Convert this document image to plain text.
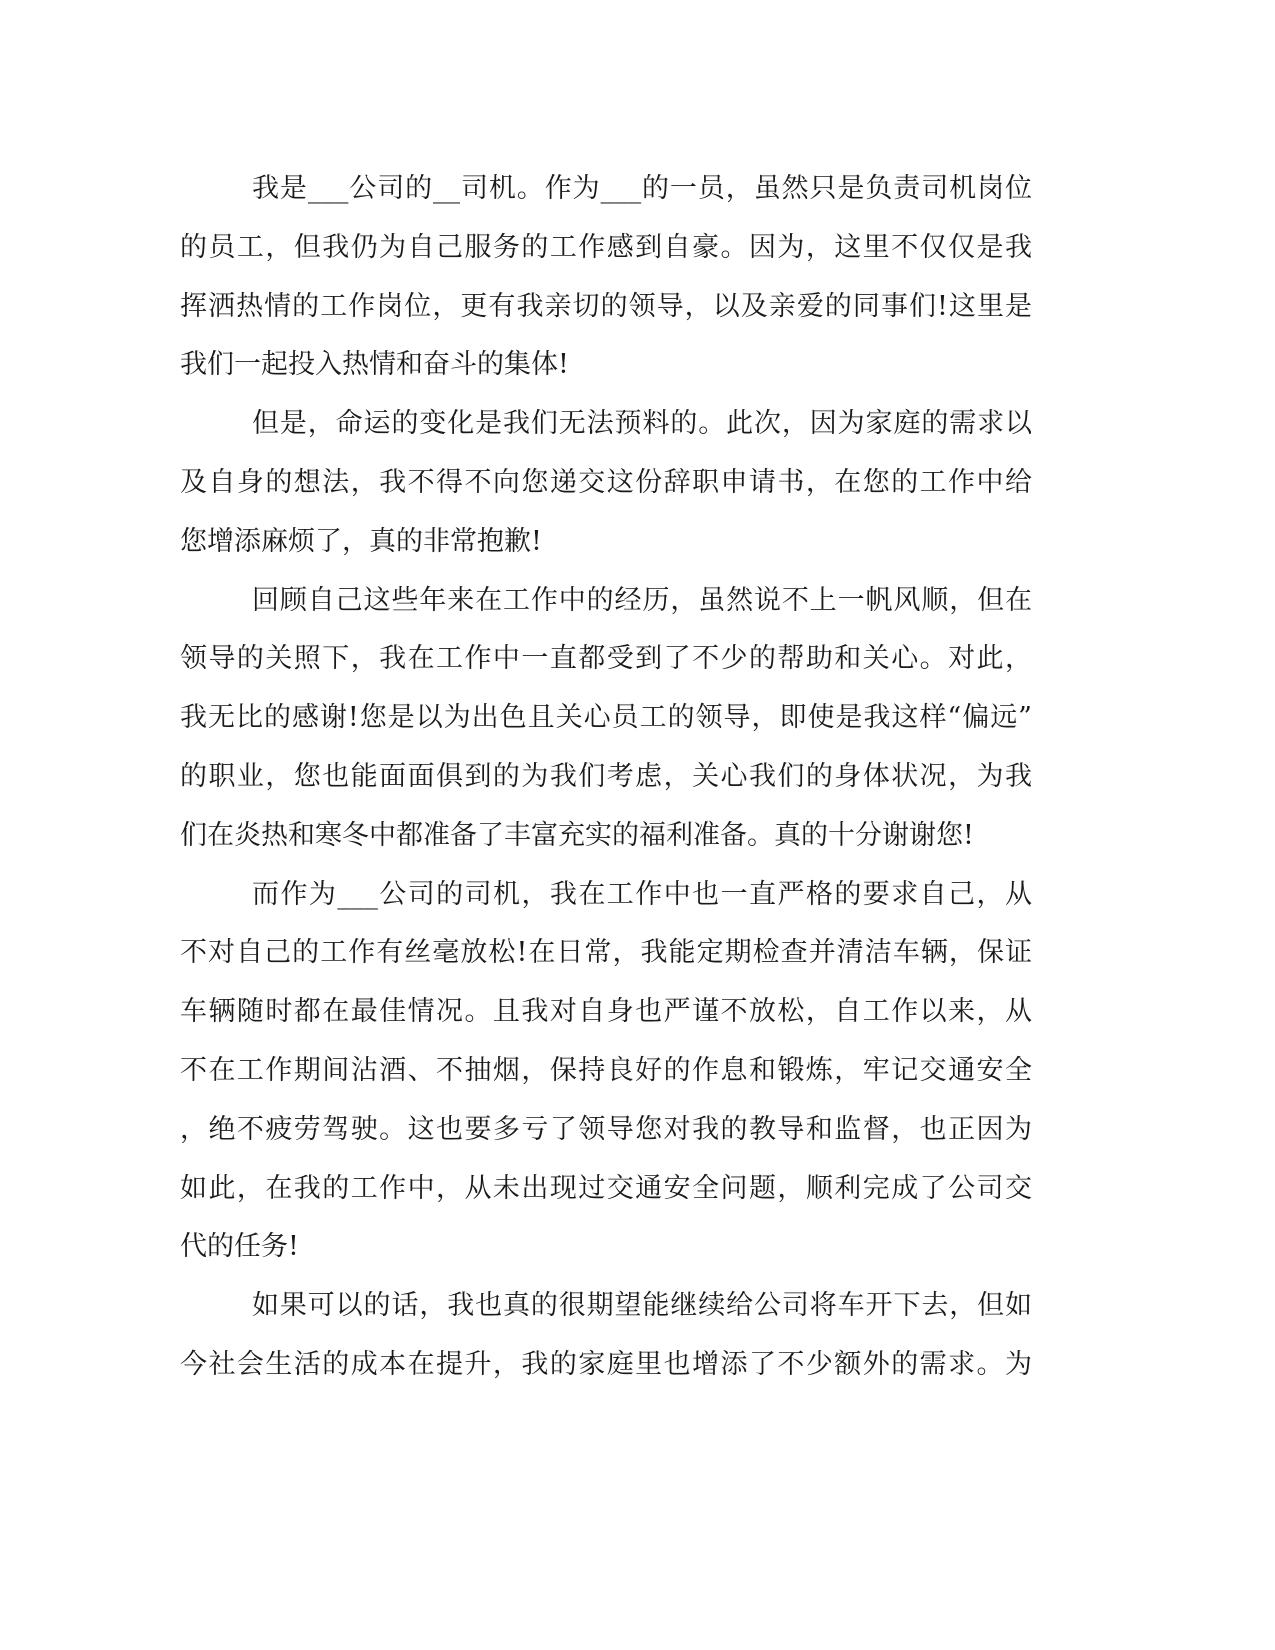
我是___公司的__司机。作为___的一员，虽然只是负责司机岗位
的员工，但我仍为自己服务的工作感到自豪。因为，这里不仅仅是我
挥洒热情的工作岗位，更有我亲切的领导，以及亲爱的同事们!这里是
我们一起投入热情和奋斗的集体!
但是，命运的变化是我们无法预料的。此次，因为家庭的需求以
及自身的想法，我不得不向您递交这份辞职申请书，在您的工作中给
您增添麻烦了，真的非常抱歉!
回顾自己这些年来在工作中的经历，虽然说不上一帆风顺，但在
领导的关照下，我在工作中一直都受到了不少的帮助和关心。对此，
我无比的感谢!您是以为出色且关心员工的领导，即使是我这样“偏远”
的职业，您也能面面俱到的为我们考虑，关心我们的身体状况，为我
们在炎热和寒冬中都准备了丰富充实的福利准备。真的十分谢谢您!
而作为___公司的司机，我在工作中也一直严格的要求自己，从
不对自己的工作有丝毫放松!在日常，我能定期检查并清洁车辆，保证
车辆随时都在最佳情况。且我对自身也严谨不放松，自工作以来，从
不在工作期间沾酒、不抽烟，保持良好的作息和锻炼，牢记交通安全
，绝不疲劳驾驶。这也要多亏了领导您对我的教导和监督，也正因为
如此，在我的工作中，从未出现过交通安全问题，顺利完成了公司交
代的任务!
如果可以的话，我也真的很期望能继续给公司将车开下去，但如
今社会生活的成本在提升，我的家庭里也增添了不少额外的需求。为
